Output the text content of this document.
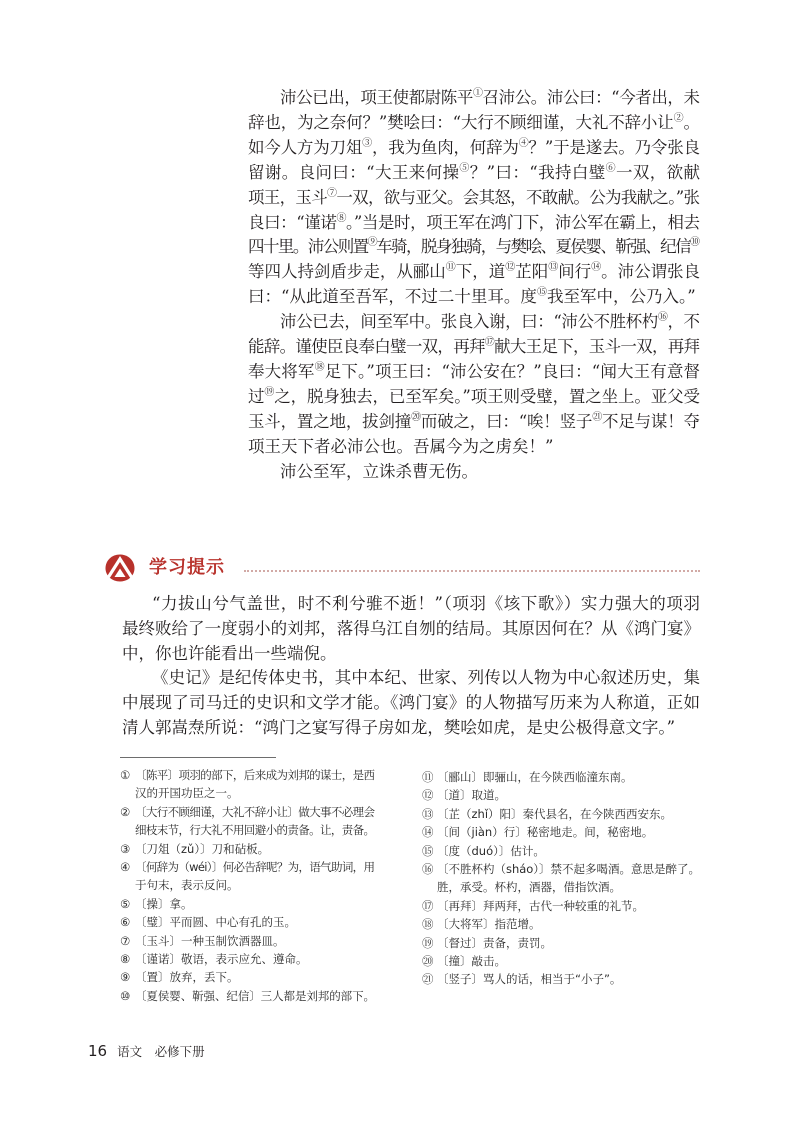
沛公已出，项王使都尉陈平①召沛公。沛公曰：“今者出，未
辞也，为之奈何？”樊哙曰：“大行不顾细谨，大礼不辞小让②。
如今人方为刀俎③，我为鱼肉，何辞为④？”于是遂去。乃令张良
留谢。良问曰：“大王来何操⑤？”曰：“我持白璧⑥一双，欲献
项王，玉斗⑦一双，欲与亚父。会其怒，不敢献。公为我献之。”张
良曰：“谨诺⑧。”当是时，项王军在鸿门下，沛公军在霸上，相去
四十里。沛公则置⑨车骑，脱身独骑，与樊哙、夏侯婴、靳强、纪信⑩
等四人持剑盾步走，从郦山⑪下，道⑫芷阳⑬间行⑭。沛公谓张良
曰：“从此道至吾军，不过二十里耳。度⑮我至军中，公乃入。”
沛公已去，间至军中。张良入谢，曰：“沛公不胜杯杓⑯，不
能辞。谨使臣良奉白璧一双，再拜⑰献大王足下，玉斗一双，再拜
奉大将军⑱足下。”项王曰：“沛公安在？”良曰：“闻大王有意督
过⑲之，脱身独去，已至军矣。”项王则受璧，置之坐上。亚父受
玉斗，置之地，拔剑撞⑳而破之，曰：“唉！竖子$^㉑$不足与谋！夺
项王天下者必沛公也。吾属今为之虏矣！”
沛公至军，立诛杀曹无伤。
学习提示
“力拔山兮气盖世，时不利兮骓不逝！”（项羽《垓下歌》）实力强大的项羽
最终败给了一度弱小的刘邦，落得乌江自刎的结局。其原因何在？从《鸿门宴》
中，你也许能看出一些端倪。
《史记》是纪传体史书，其中本纪、世家、列传以人物为中心叙述历史，集
中展现了司马迁的史识和文学才能。《鸿门宴》的人物描写历来为人称道，正如
清人郭嵩焘所说：“鸿门之宴写得子房如龙，樊哙如虎，是史公极得意文字。”
① 〔陈平〕项羽的部下，后来成为刘邦的谋士，是西
汉的开国功臣之一。
② 〔大行不顾细谨，大礼不辞小让〕做大事不必理会
细枝末节，行大礼不用回避小的责备。让，责备。
③ 〔刀俎（zǔ）〕刀和砧板。
④ 〔何辞为（wéi）〕何必告辞呢？为，语气助词，用
于句末，表示反问。
⑤ 〔操〕拿。
⑥ 〔璧〕平而圆、中心有孔的玉。
⑦ 〔玉斗〕一种玉制饮酒器皿。
⑧ 〔谨诺〕敬语，表示应允、遵命。
⑨ 〔置〕放弃，丢下。
⑩ 〔夏侯婴、靳强、纪信〕三人都是刘邦的部下。
⑪ 〔郦山〕即骊山，在今陕西临潼东南。
⑫ 〔道〕取道。
⑬ 〔芷（zhǐ）阳〕秦代县名，在今陕西西安东。
⑭ 〔间（jiàn）行〕秘密地走。间，秘密地。
⑮ 〔度（duó）〕估计。
⑯ 〔不胜杯杓（sháo）〕禁不起多喝酒。意思是醉了。
胜，承受。杯杓，酒器，借指饮酒。
⑰ 〔再拜〕拜两拜，古代一种较重的礼节。
⑱ 〔大将军〕指范增。
⑲ 〔督过〕责备，责罚。
⑳ 〔撞〕敲击。
㉑ 〔竖子〕骂人的话，相当于“小子”。
16 语文　必修下册
